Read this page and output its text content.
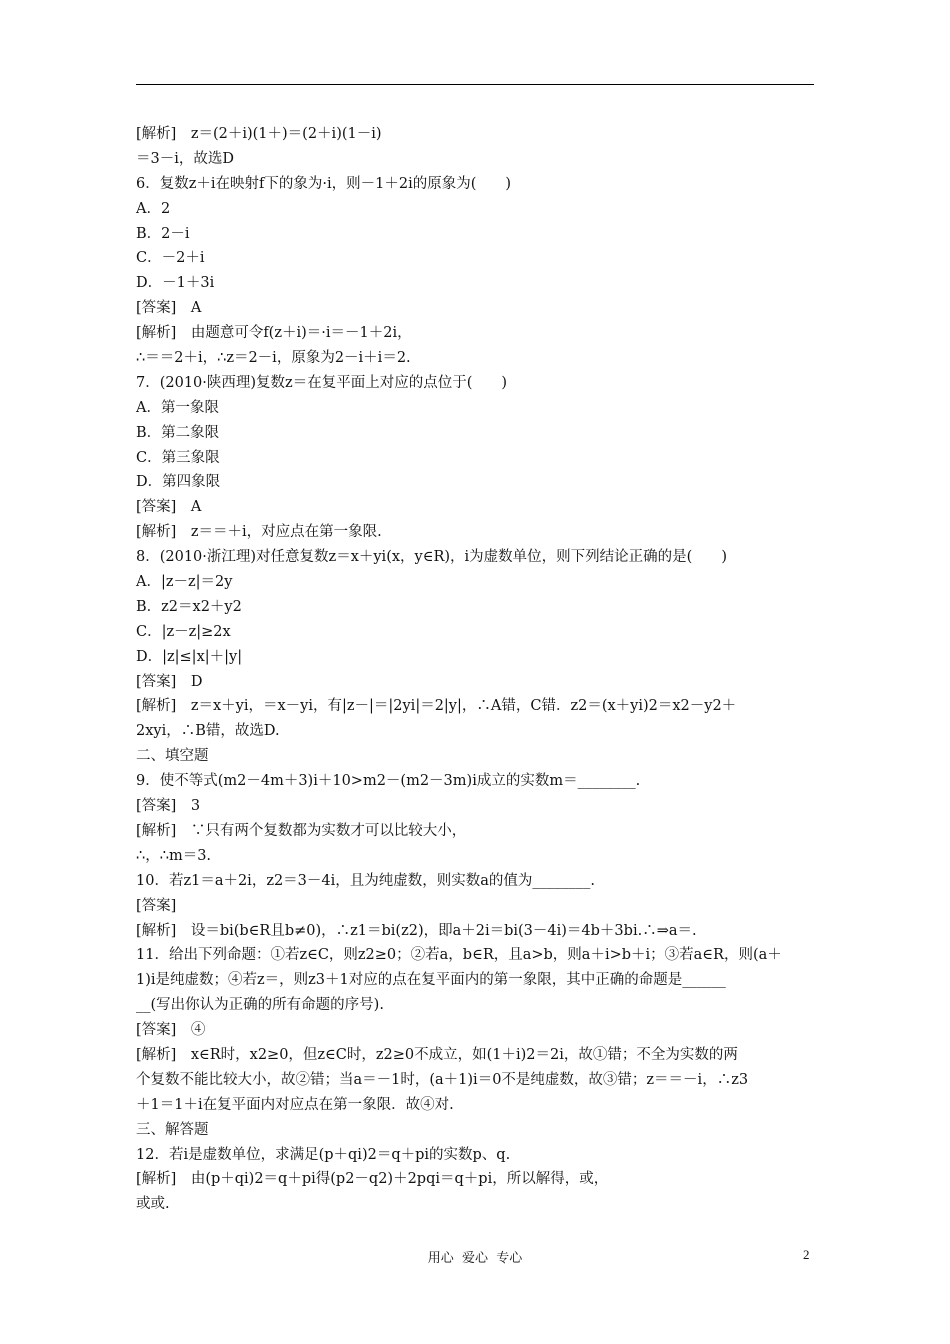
[解析]　z＝(2＋i)(1＋)＝(2＋i)(1－i)
＝3－i，故选D
6．复数z＋i在映射f下的象为·i，则－1＋2i的原象为(　　)
A．2
B．2－i
C．－2＋i
D．－1＋3i
[答案]　A
[解析]　由题意可令f(z＋i)＝·i＝－1＋2i，
∴＝＝2＋i，∴z＝2－i，原象为2－i＋i＝2.
7．(2010·陕西理)复数z＝在复平面上对应的点位于(　　)
A．第一象限
B．第二象限
C．第三象限
D．第四象限
[答案]　A
[解析]　z＝＝＋i，对应点在第一象限.
8．(2010·浙江理)对任意复数z＝x＋yi(x，y∈R)，i为虚数单位，则下列结论正确的是(　　)
A．|z－z|＝2y
B．z2＝x2＋y2
C．|z－z|≥2x
D．|z|≤|x|＋|y|
[答案]　D
[解析]　z＝x＋yi，＝x－yi，有|z－|＝|2yi|＝2|y|，∴A错，C错．z2＝(x＋yi)2＝x2－y2＋
2xyi，∴B错，故选D.
二、填空题
9．使不等式(m2－4m＋3)i＋10>m2－(m2－3m)i成立的实数m＝________.
[答案]　3
[解析]　∵只有两个复数都为实数才可以比较大小，
∴，∴m＝3.
10．若z1＝a＋2i，z2＝3－4i，且为纯虚数，则实数a的值为________.
[答案]
[解析]　设＝bi(b∈R且b≠0)，∴z1＝bi(z2)，即a＋2i＝bi(3－4i)＝4b＋3bi.∴⇒a＝.
11．给出下列命题：①若z∈C，则z2≥0；②若a，b∈R，且a>b，则a＋i>b＋i；③若a∈R，则(a＋
1)i是纯虚数；④若z＝，则z3＋1对应的点在复平面内的第一象限，其中正确的命题是______
__(写出你认为正确的所有命题的序号).
[答案]　④
[解析]　x∈R时，x2≥0，但z∈C时，z2≥0不成立，如(1＋i)2＝2i，故①错；不全为实数的两
个复数不能比较大小，故②错；当a＝－1时，(a＋1)i＝0不是纯虚数，故③错；z＝＝－i，∴z3
＋1＝1＋i在复平面内对应点在第一象限．故④对.
三、解答题
12．若i是虚数单位，求满足(p＋qi)2＝q＋pi的实数p、q.
[解析]　由(p＋qi)2＝q＋pi得(p2－q2)＋2pqi＝q＋pi，所以解得，或，
或或.
用心  爱心  专心	2
